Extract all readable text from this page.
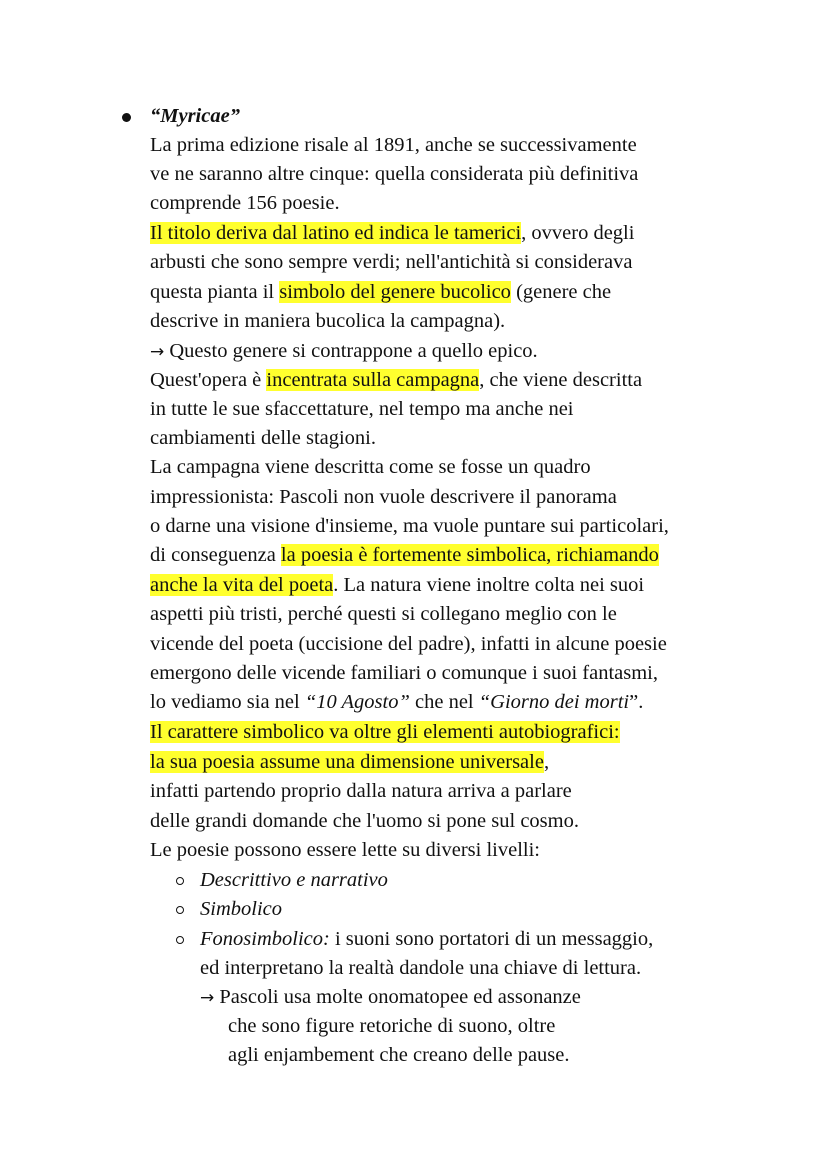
“Myricae”
La prima edizione risale al 1891, anche se successivamente
ve ne saranno altre cinque: quella considerata più definitiva
comprende 156 poesie.
Il titolo deriva dal latino ed indica le tamerici, ovvero degli
arbusti che sono sempre verdi; nell'antichità si considerava
questa pianta il simbolo del genere bucolico (genere che
descrive in maniera bucolica la campagna).
→ Questo genere si contrappone a quello epico.
Quest'opera è incentrata sulla campagna, che viene descritta
in tutte le sue sfaccettature, nel tempo ma anche nei
cambiamenti delle stagioni.
La campagna viene descritta come se fosse un quadro
impressionista: Pascoli non vuole descrivere il panorama
o darne una visione d'insieme, ma vuole puntare sui particolari,
di conseguenza la poesia è fortemente simbolica, richiamando
anche la vita del poeta. La natura viene inoltre colta nei suoi
aspetti più tristi, perché questi si collegano meglio con le
vicende del poeta (uccisione del padre), infatti in alcune poesie
emergono delle vicende familiari o comunque i suoi fantasmi,
lo vediamo sia nel “10 Agosto” che nel “Giorno dei morti”.
Il carattere simbolico va oltre gli elementi autobiografici:
la sua poesia assume una dimensione universale,
infatti partendo proprio dalla natura arriva a parlare
delle grandi domande che l'uomo si pone sul cosmo.
Le poesie possono essere lette su diversi livelli:
Descrittivo e narrativo
Simbolico
Fonosimbolico: i suoni sono portatori di un messaggio,
ed interpretano la realtà dandole una chiave di lettura.
→ Pascoli usa molte onomatopee ed assonanze
che sono figure retoriche di suono, oltre
agli enjambement che creano delle pause.
